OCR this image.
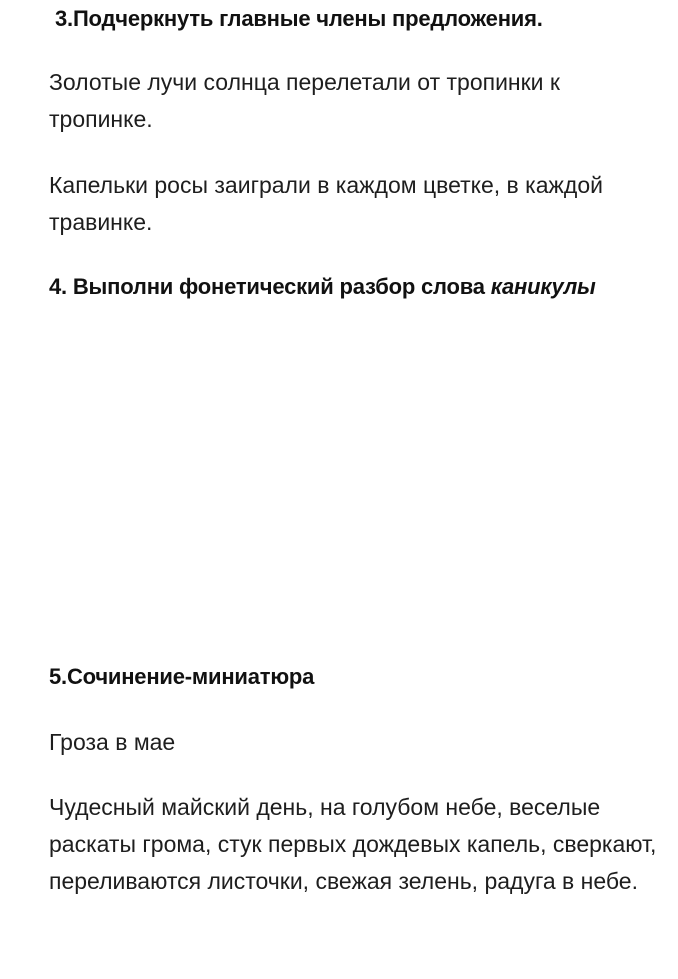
3.Подчеркнуть главные члены предложения.

Золотые лучи солнца перелетали от тропинки к тропинке.

Капельки росы заиграли в каждом цветке, в каждой травинке.

4. Выполни фонетический разбор слова каникулы

5.Сочинение-миниатюра

Гроза в мае

Чудесный майский день, на голубом небе, веселые раскаты грома, стук первых дождевых капель, сверкают, переливаются листочки, свежая зелень, радуга в небе.
